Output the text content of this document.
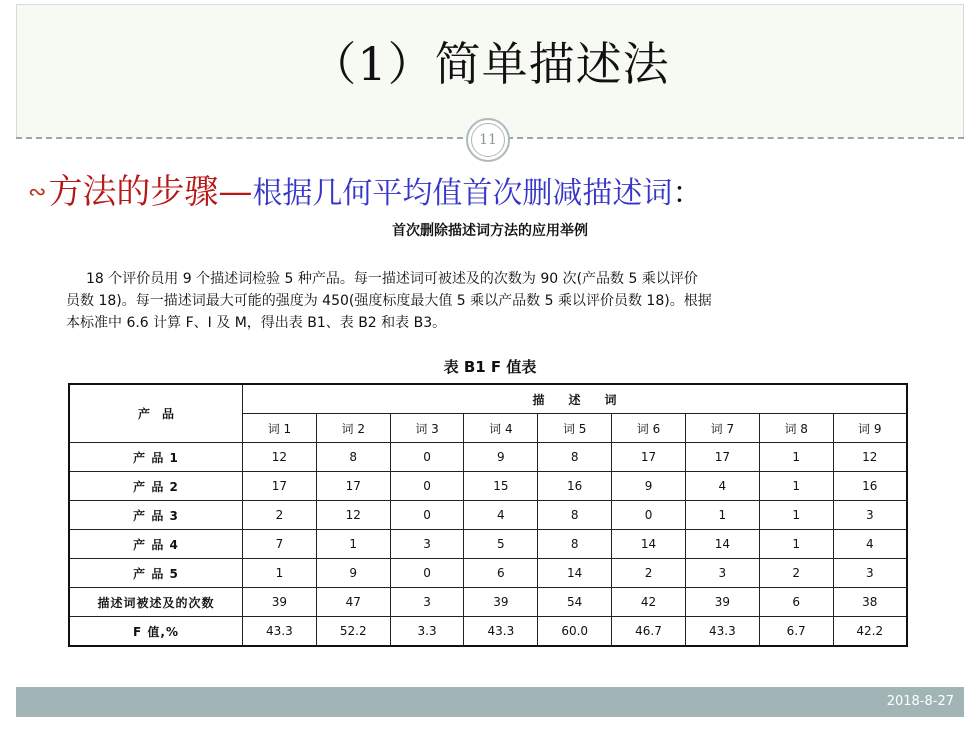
（1）简单描述法
11
∾方法的步骤—根据几何平均值首次删减描述词：
首次删除描述词方法的应用举例
18 个评价员用 9 个描述词检验 5 种产品。每一描述词可被述及的次数为 90 次(产品数 5 乘以评价
员数 18)。每一描述词最大可能的强度为 450(强度标度最大值 5 乘以产品数 5 乘以评价员数 18)。根据
本标准中 6.6 计算 F、I 及 M，得出表 B1、表 B2 和表 B3。
表 B1 F 值表
产　品	描　　述　　词								
	词 1	词 2	词 3	词 4	词 5	词 6	词 7	词 8	词 9
产 品 1	12	8	0	9	8	17	17	1	12
产 品 2	17	17	0	15	16	9	4	1	16
产 品 3	2	12	0	4	8	0	1	1	3
产 品 4	7	1	3	5	8	14	14	1	4
产 品 5	1	9	0	6	14	2	3	2	3
描述词被述及的次数	39	47	3	39	54	42	39	6	38
F 值,%	43.3	52.2	3.3	43.3	60.0	46.7	43.3	6.7	42.2
2018-8-27
